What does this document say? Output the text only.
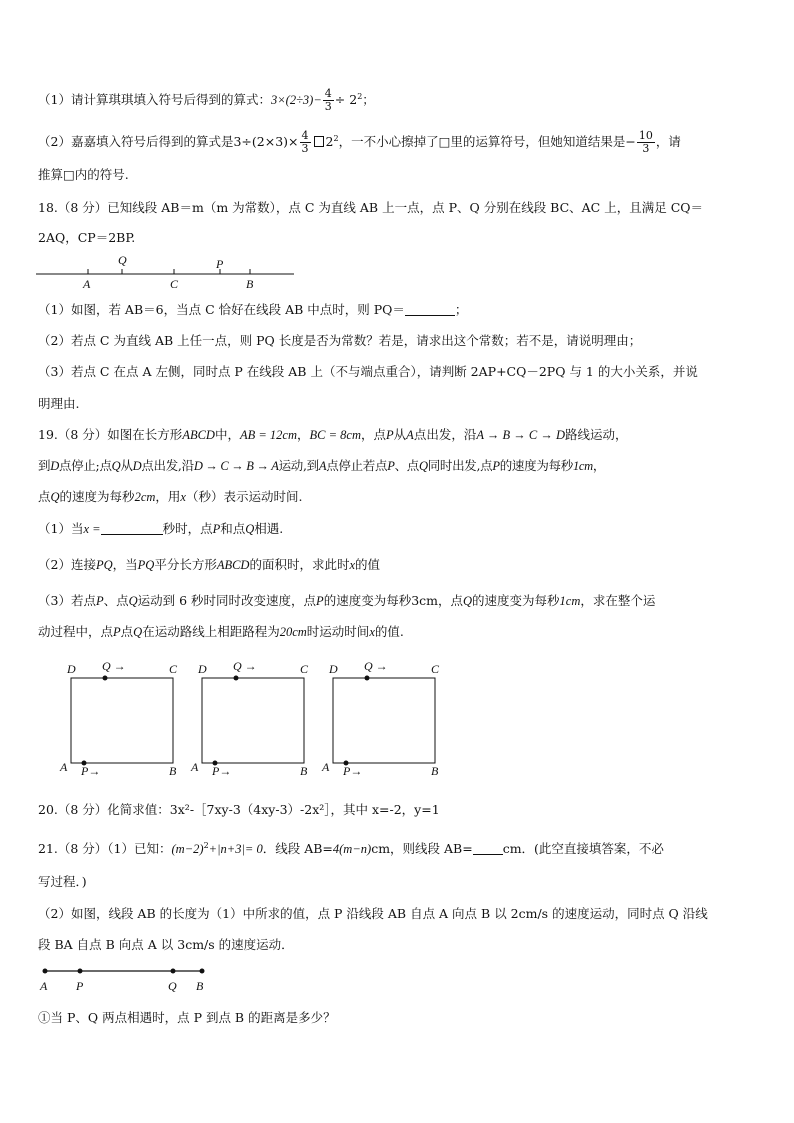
（1）请计算琪琪填入符号后得到的算式：$3\times(2\div 3)- \frac{4}{3} \div 2^2$；
（2）嘉嘉填入符号后得到的算式是$3\div(2\times 3)\times \frac{4}{3} 2^2$，一不小心擦掉了□里的运算符号，但她知道结果是− $\frac{10}{3}$ ，请
推算□内的符号.
18.（8 分）已知线段 AB＝m（m 为常数），点 C 为直线 AB 上一点，点 P、Q 分别在线段 BC、AC 上，且满足 CQ＝
2AQ，CP＝2BP.
Q	P
A	C	B
（1）如图，若 AB＝6，当点 C 恰好在线段 AB 中点时，则 PQ＝	；
（2）若点 C 为直线 AB 上任一点，则 PQ 长度是否为常数？若是，请求出这个常数；若不是，请说明理由；
（3）若点 C 在点 A 左侧，同时点 P 在线段 AB 上（不与端点重合），请判断 2AP+CQ－2PQ 与 1 的大小关系，并说
明理由.
19.（8 分）如图在长方形ABCD中，AB = 12cm，BC = 8cm，点P从A点出发，沿A → B → C → D路线运动，
到D点停止;点Q从D点出发,沿D → C → B → A运动,到A点停止若点P、点Q同时出发,点P的速度为每秒1cm，
点Q的速度为每秒2cm，用x（秒）表示运动时间.
（1）当x =	秒时，点P和点Q相遇.
（2）连接PQ，当PQ平分长方形ABCD的面积时，求此时x的值
（3）若点P、点Q运动到 6 秒时同时改变速度，点P的速度变为每秒3cm，点Q的速度变为每秒1cm，求在整个运
动过程中，点P点Q在运动路线上相距路程为20cm时运动时间x的值.
D Q →	C
A P→	B
D Q →	C
A P→	B
D Q →	C
A P→	B
20.（8 分）化简求值：3x²-［7xy-3（4xy-3）-2x²］，其中 x=-2，y=1
21.（8 分）（1）已知：$(m-2)^2+|n+3|= 0$．线段 AB=4(m−n)cm，则线段 AB= cm．(此空直接填答案，不必
写过程．)
（2）如图，线段 AB 的长度为（1）中所求的值，点 P 沿线段 AB 自点 A 向点 B 以 2cm/s 的速度运动，同时点 Q 沿线
段 BA 自点 B 向点 A 以 3cm/s 的速度运动．
A P	Q B
①当 P、Q 两点相遇时，点 P 到点 B 的距离是多少？
